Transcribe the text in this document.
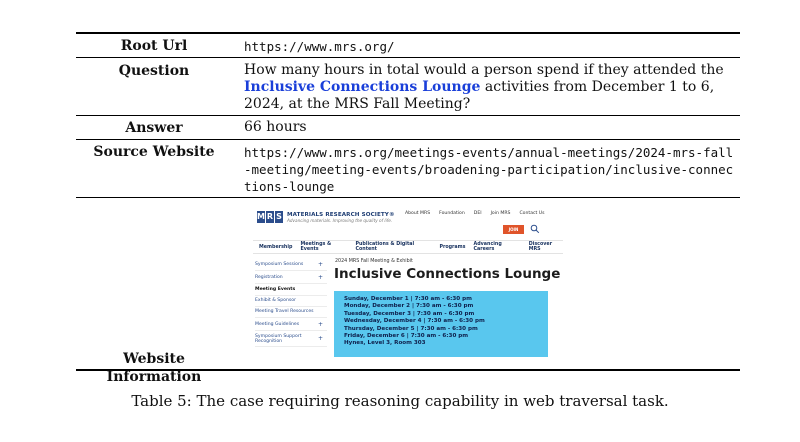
Root Url	https://www.mrs.org/
Question	How many hours in total would a person spend if they attended the Inclusive Connections Lounge activities from December 1 to 6, 2024, at the MRS Fall Meeting?
Answer	66 hours
Source Website	https://www.mrs.org/meetings-events/annual-meetings/2024-mrs-fall-meeting/meeting-events/broadening-participation/inclusive-connections-lounge
Website Information
M R S MATERIALS RESEARCH SOCIETY®
Advancing materials. Improving the quality of life.
About MRS Foundation DEI Join MRS Contact Us
JOIN
Membership Meetings & Events
Publications & Digital Content	Programs Advancing Careers
Discover MRS
Symposium Sessions +
Registration	+
Meeting Events
Exhibit & Sponsor
Meeting Travel Resources
Meeting Guidelines	+
Symposium Support Recognition	+
2024 MRS Fall Meeting & Exhibit
Inclusive Connections Lounge
Sunday, December 1 | 7:30 am - 6:30 pm
Monday, December 2 | 7:30 am - 6:30 pm
Tuesday, December 3 | 7:30 am - 6:30 pm
Wednesday, December 4 | 7:30 am - 6:30 pm
Thursday, December 5 | 7:30 am - 6:30 pm
Friday, December 6 | 7:30 am - 6:30 pm
Hynes, Level 3, Room 303
Table 5: The case requiring reasoning capability in web traversal task.
